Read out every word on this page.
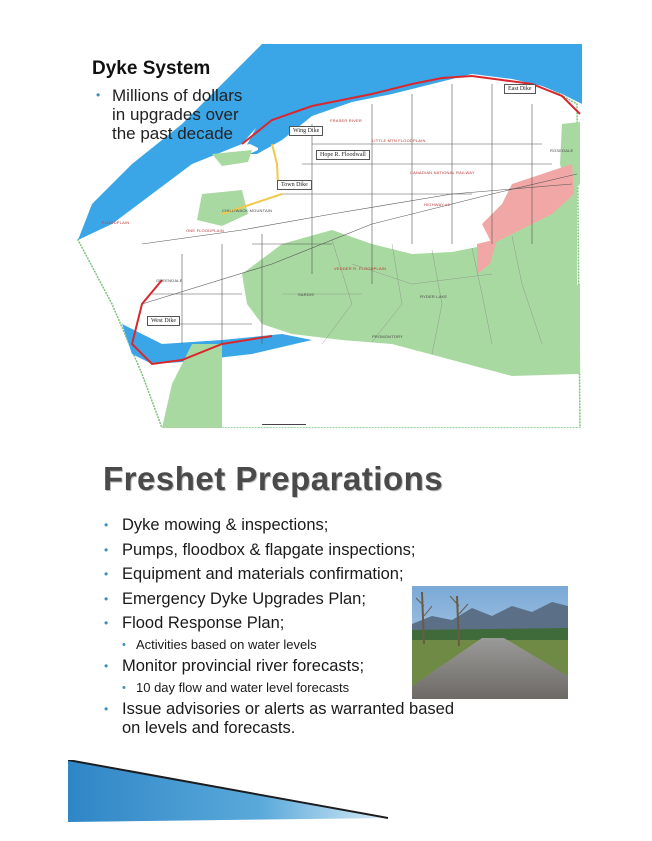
East Dike
Wing Dike
Hope R. Floodwall
Town Dike
West Dike
FRASER RIVER
LITTLE MTN FLOODPLAIN
CANADIAN NATIONAL RAILWAY
HIGHWAY #1
VEDDER R. FLOODPLAIN
FLOODPLAIN
GREENDALE
SARDIS
PROMONTORY
RYDER LAKE
ROSEDALE
ONE FLOODPLAIN
CHILLIWACK MOUNTAIN
Dyke System
• Millions of dollars in upgrades over the past decade
Freshet Preparations
• Dyke mowing & inspections;
• Pumps, floodbox & flapgate inspections;
• Equipment and materials confirmation;
• Emergency Dyke Upgrades Plan;
• Flood Response Plan;
• Activities based on water levels
• Monitor provincial river forecasts;
• 10 day flow and water level forecasts
• Issue advisories or alerts as warranted based on levels and forecasts.
